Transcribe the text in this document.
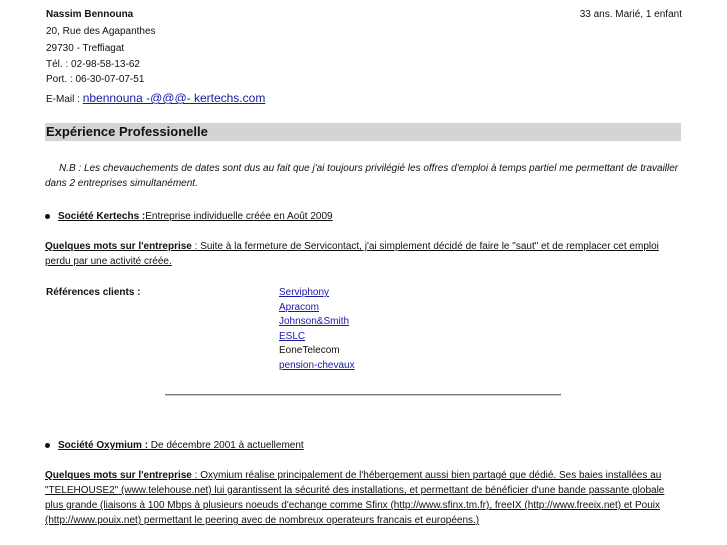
Nassim Bennouna	33 ans. Marié, 1 enfant
20, Rue des Agapanthes
29730 - Treffiagat
Tél. : 02-98-58-13-62
Port. : 06-30-07-07-51
E-Mail : nbennouna -@@@- kertechs.com
Expérience Professionelle
N.B : Les chevauchements de dates sont dus au fait que j'ai toujours privilégié les offres d'emploi à temps partiel me permettant de travailler dans 2 entreprises simultanément.
Société Kertechs :Entreprise individuelle créée en Août 2009
Quelques mots sur l'entreprise : Suite à la fermeture de Servicontact, j'ai simplement décidé de faire le "saut" et de remplacer cet emploi perdu par une activité créée.
Références clients :	Serviphony
Apracom
Johnson&Smith
ESLC
EoneTelecom
pension-chevaux
Société Oxymium : De décembre 2001 à actuellement
Quelques mots sur l'entreprise : Oxymium réalise principalement de l'hébergement aussi bien partagé que dédié. Ses baies installées au "TELEHOUSE2" (www.telehouse.net) lui garantissent la sécurité des installations, et permettant de bénéficier d'une bande passante globale plus grande (liaisons à 100 Mbps à plusieurs noeuds d'echange comme Sfinx (http://www.sfinx.tm.fr), freeIX (http://www.freeix.net) et Pouix (http://www.pouix.net) permettant le peering avec de nombreux operateurs francais et européens.)
